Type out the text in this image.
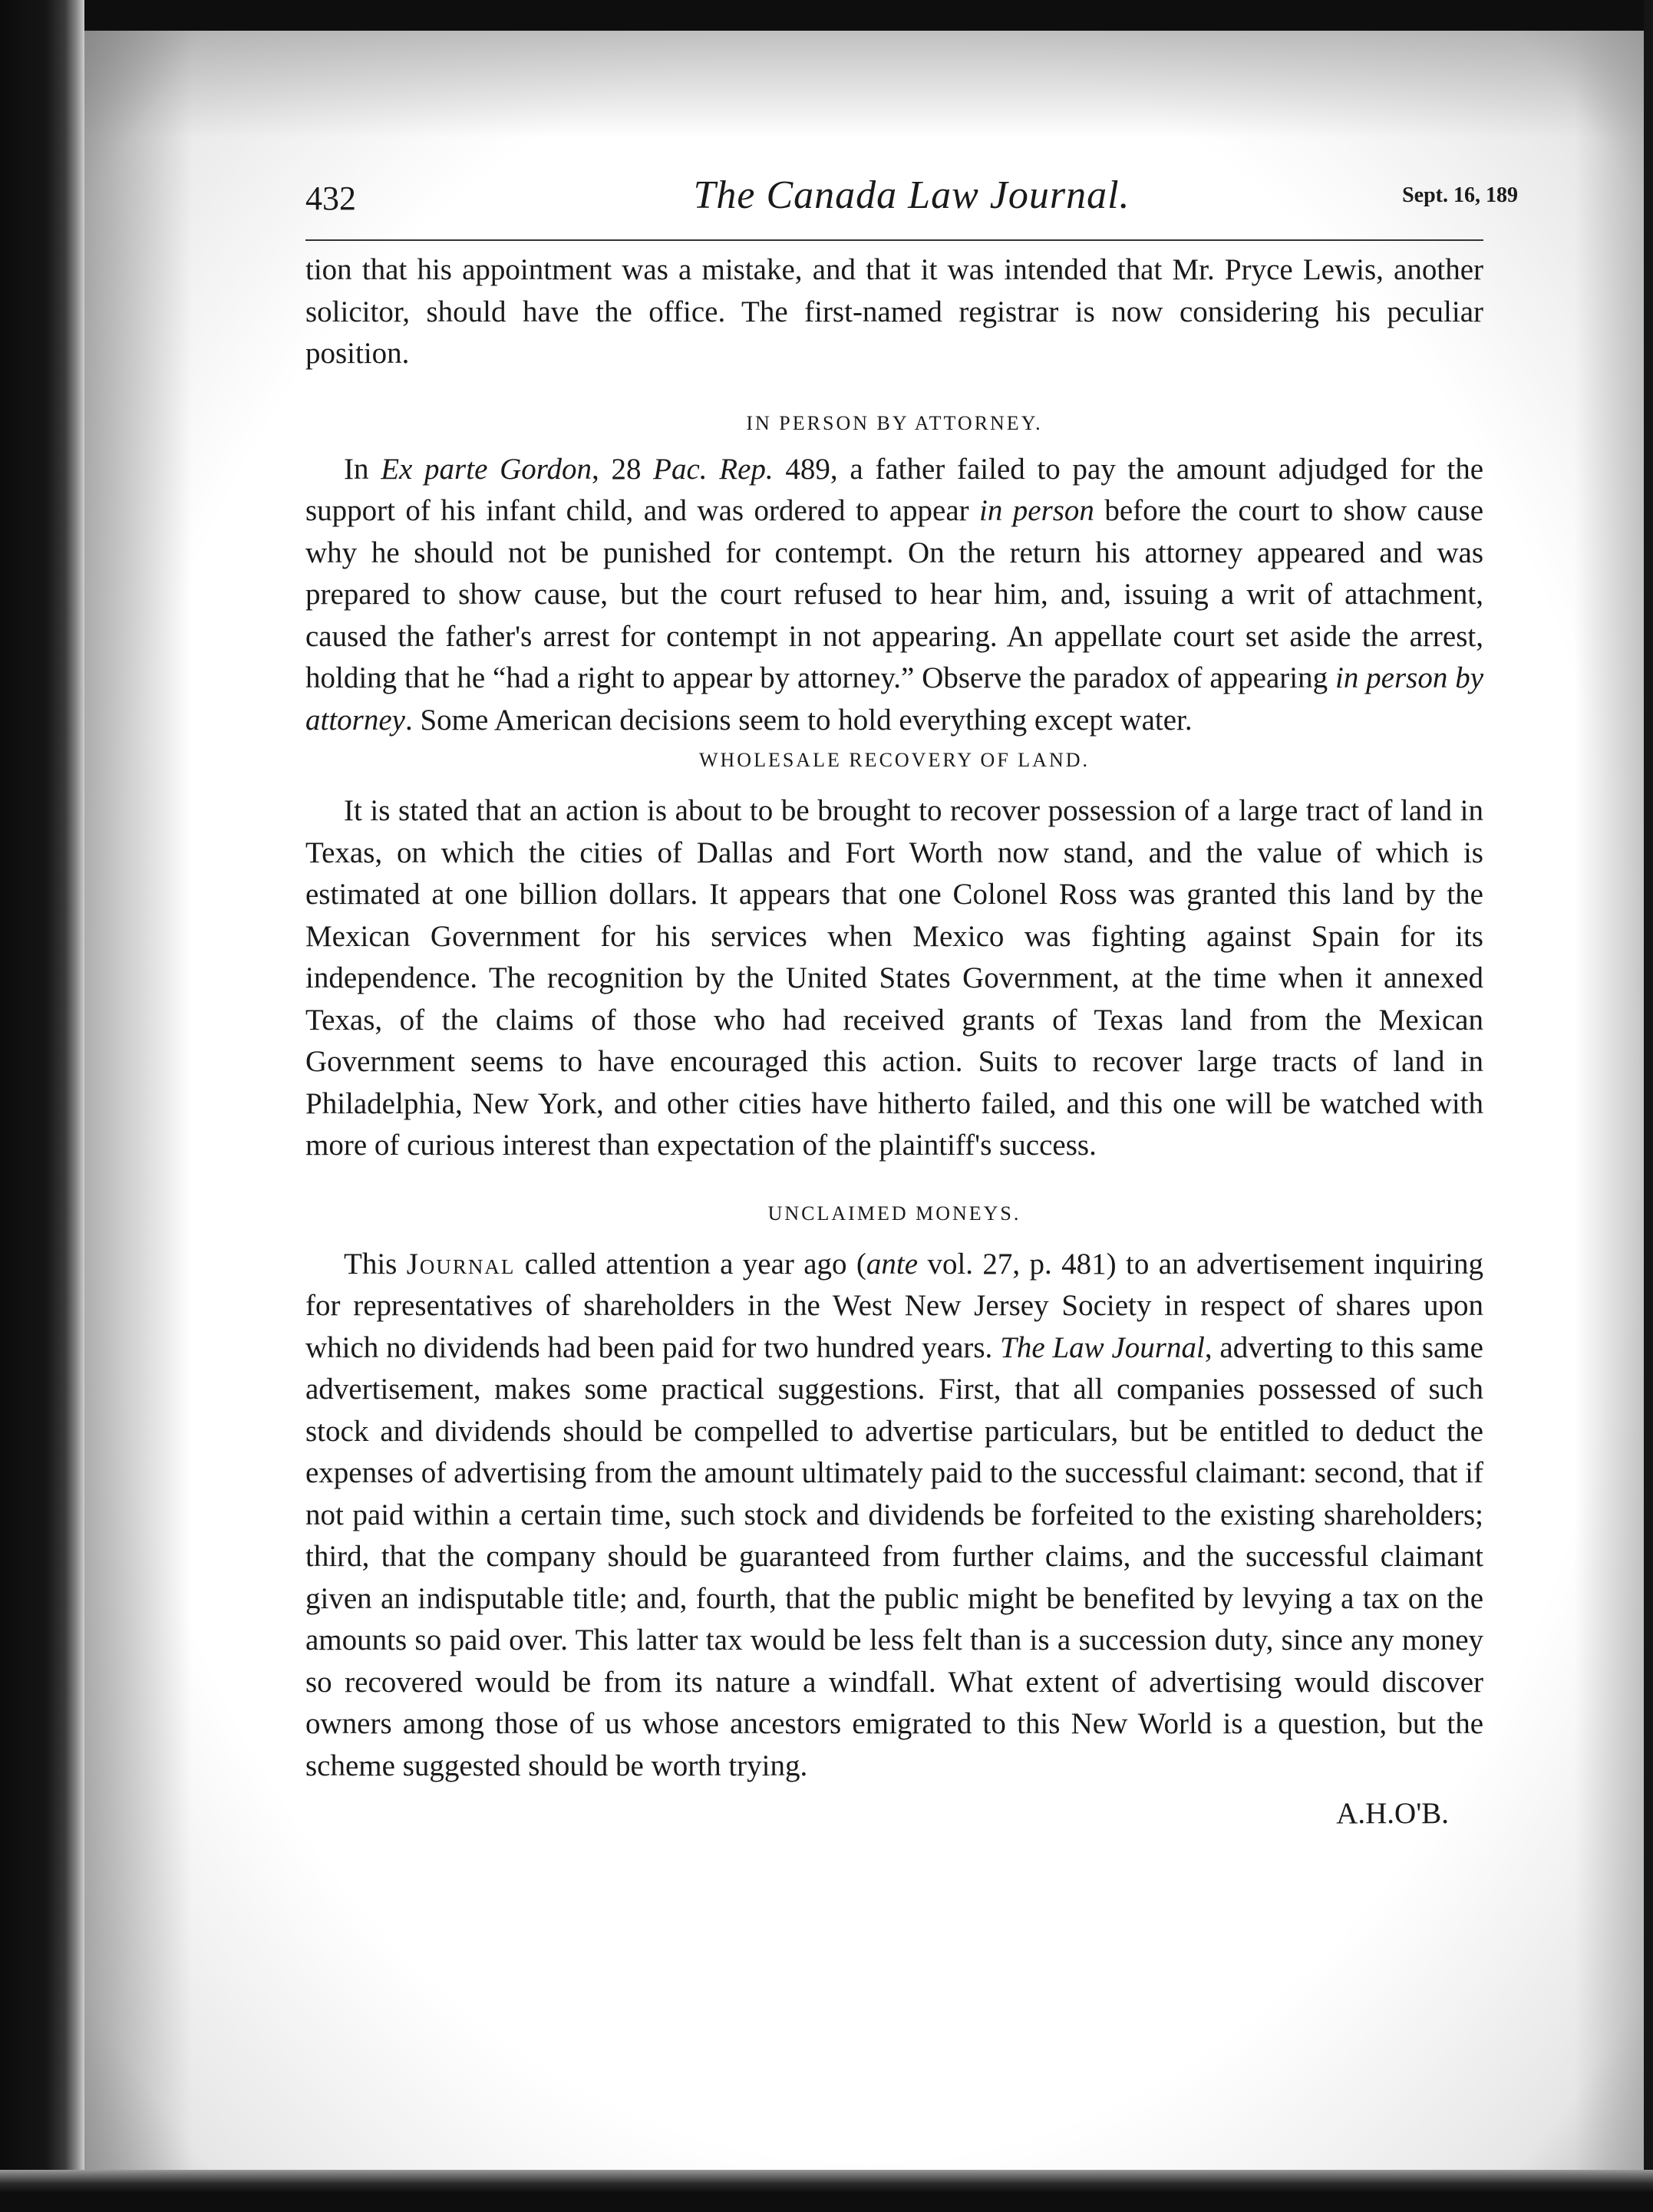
432	The Canada Law Journal.	Sept. 16, 189

tion that his appointment was a mistake, and that it was intended that Mr. Pryce Lewis, another solicitor, should have the office. The first-named registrar is now considering his peculiar position.

IN PERSON BY ATTORNEY.

In Ex parte Gordon, 28 Pac. Rep. 489, a father failed to pay the amount adjudged for the support of his infant child, and was ordered to appear in person before the court to show cause why he should not be punished for contempt. On the return his attorney appeared and was prepared to show cause, but the court refused to hear him, and, issuing a writ of attachment, caused the father's arrest for contempt in not appearing. An appellate court set aside the arrest, holding that he “had a right to appear by attorney.” Observe the paradox of appearing in person by attorney. Some American decisions seem to hold everything except water.

WHOLESALE RECOVERY OF LAND.

It is stated that an action is about to be brought to recover possession of a large tract of land in Texas, on which the cities of Dallas and Fort Worth now stand, and the value of which is estimated at one billion dollars. It appears that one Colonel Ross was granted this land by the Mexican Government for his services when Mexico was fighting against Spain for its independence. The recognition by the United States Government, at the time when it annexed Texas, of the claims of those who had received grants of Texas land from the Mexican Government seems to have encouraged this action. Suits to recover large tracts of land in Philadelphia, New York, and other cities have hitherto failed, and this one will be watched with more of curious interest than expectation of the plaintiff's success.

UNCLAIMED MONEYS.

This Journal called attention a year ago (ante vol. 27, p. 481) to an advertisement inquiring for representatives of shareholders in the West New Jersey Society in respect of shares upon which no dividends had been paid for two hundred years. The Law Journal, adverting to this same advertisement, makes some practical suggestions. First, that all companies possessed of such stock and dividends should be compelled to advertise particulars, but be entitled to deduct the expenses of advertising from the amount ultimately paid to the successful claimant: second, that if not paid within a certain time, such stock and dividends be forfeited to the existing shareholders; third, that the company should be guaranteed from further claims, and the successful claimant given an indisputable title; and, fourth, that the public might be benefited by levying a tax on the amounts so paid over. This latter tax would be less felt than is a succession duty, since any money so recovered would be from its nature a windfall. What extent of advertising would discover owners among those of us whose ancestors emigrated to this New World is a question, but the scheme suggested should be worth trying.

A.H.O'B.
